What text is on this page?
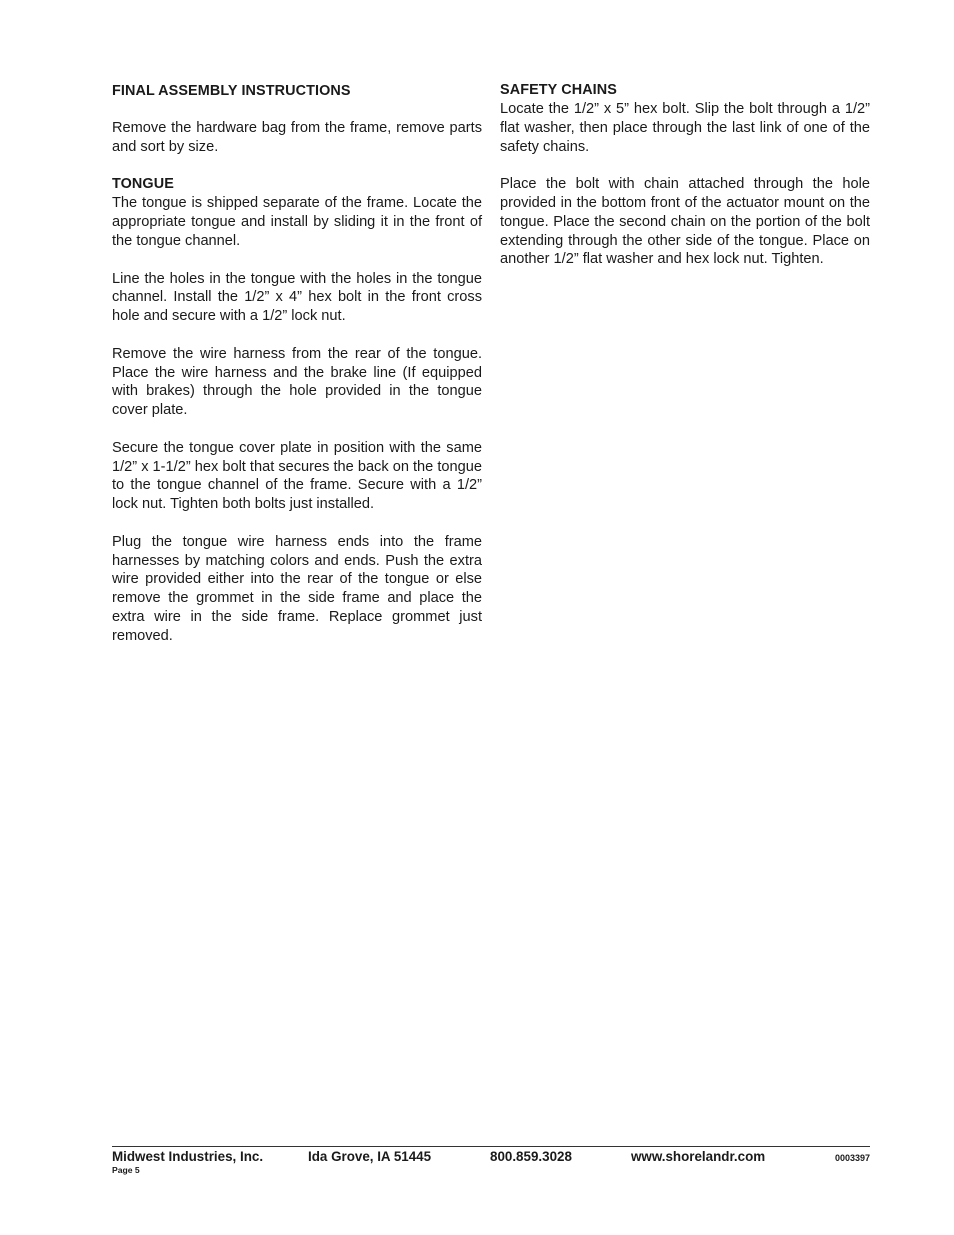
FINAL ASSEMBLY INSTRUCTIONS

Remove the hardware bag from the frame, remove parts and sort by size.

TONGUE

The tongue is shipped separate of the frame. Locate the appropriate tongue and install by sliding it in the front of the tongue channel.

Line the holes in the tongue with the holes in the tongue channel. Install the 1/2” x 4” hex bolt in the front cross hole and secure with a 1/2” lock nut.

Remove the wire harness from the rear of the tongue. Place the wire harness and the brake line (If equipped with brakes) through the hole provided in the tongue cover plate.

Secure the tongue cover plate in position with the same 1/2” x 1-1/2” hex bolt that secures the back on the tongue to the tongue channel of the frame. Secure with a 1/2” lock nut. Tighten both bolts just installed.

Plug the tongue wire harness ends into the frame harnesses by matching colors and ends. Push the extra wire provided either into the rear of the tongue or else remove the grommet in the side frame and place the extra wire in the side frame. Replace grommet just removed.

SAFETY CHAINS

Locate the 1/2” x 5” hex bolt. Slip the bolt through a 1/2” flat washer, then place through the last link of one of the safety chains.

Place the bolt with chain attached through the hole provided in the bottom front of the actuator mount on the tongue. Place the second chain on the portion of the bolt extending through the other side of the tongue. Place on another 1/2” flat washer and hex lock nut. Tighten.

Midwest Industries, Inc.	Ida Grove, IA 51445	800.859.3028	www.shorelandr.com	0003397
Page 5
